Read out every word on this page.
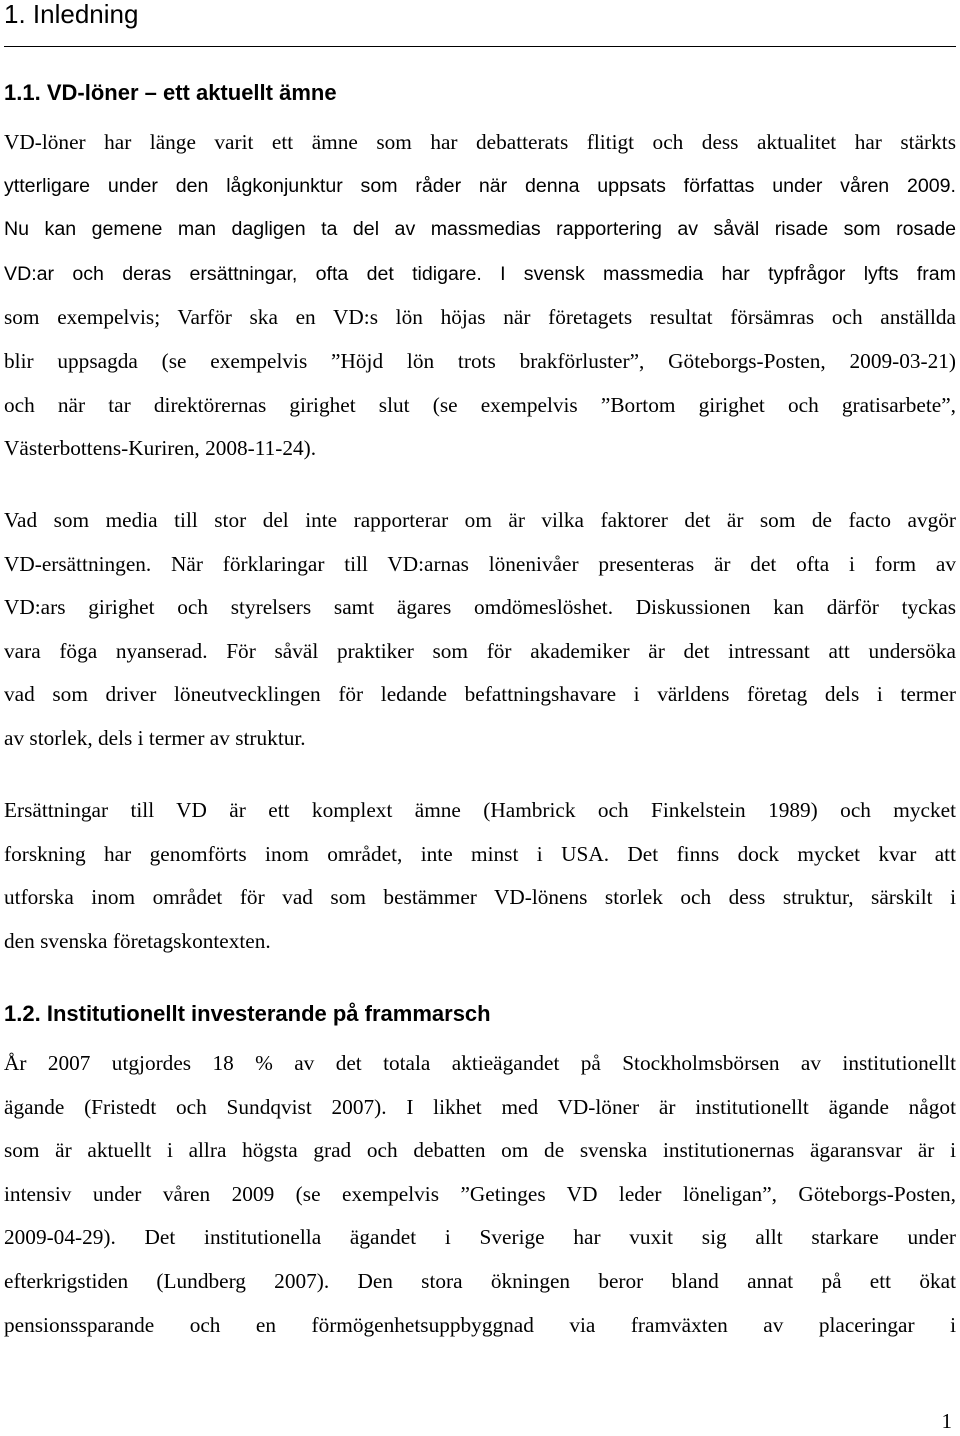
1. Inledning
1.1. VD-löner – ett aktuellt ämne
VD-löner har länge varit ett ämne som har debatterats flitigt och dess aktualitet har stärkts
ytterligare under den lågkonjunktur som råder när denna uppsats författas under våren 2009.
Nu kan gemene man dagligen ta del av massmedias rapportering av såväl risade som rosade
VD:ar och deras ersättningar, ofta det tidigare. I svensk massmedia har typfrågor lyfts fram
som exempelvis; Varför ska en VD:s lön höjas när företagets resultat försämras och anställda
blir uppsagda (se exempelvis ”Höjd lön trots brakförluster”, Göteborgs-Posten, 2009-03-21)
och när tar direktörernas girighet slut (se exempelvis ”Bortom girighet och gratisarbete”,
Västerbottens-Kuriren, 2008-11-24).
Vad som media till stor del inte rapporterar om är vilka faktorer det är som de facto avgör
VD-ersättningen. När förklaringar till VD:arnas lönenivåer presenteras är det ofta i form av
VD:ars girighet och styrelsers samt ägares omdömeslöshet. Diskussionen kan därför tyckas
vara föga nyanserad. För såväl praktiker som för akademiker är det intressant att undersöka
vad som driver löneutvecklingen för ledande befattningshavare i världens företag dels i termer
av storlek, dels i termer av struktur.
Ersättningar till VD är ett komplext ämne (Hambrick och Finkelstein 1989) och mycket
forskning har genomförts inom området, inte minst i USA. Det finns dock mycket kvar att
utforska inom området för vad som bestämmer VD-lönens storlek och dess struktur, särskilt i
den svenska företagskontexten.
1.2. Institutionellt investerande på frammarsch
År 2007 utgjordes 18 % av det totala aktieägandet på Stockholmsbörsen av institutionellt
ägande (Fristedt och Sundqvist 2007). I likhet med VD-löner är institutionellt ägande något
som är aktuellt i allra högsta grad och debatten om de svenska institutionernas ägaransvar är i
intensiv under våren 2009 (se exempelvis ”Getinges VD leder löneligan”, Göteborgs-Posten,
2009-04-29). Det institutionella ägandet i Sverige har vuxit sig allt starkare under
efterkrigstiden (Lundberg 2007). Den stora ökningen beror bland annat på ett ökat
pensionssparande och en förmögenhetsuppbyggnad via framväxten av placeringar i
1
